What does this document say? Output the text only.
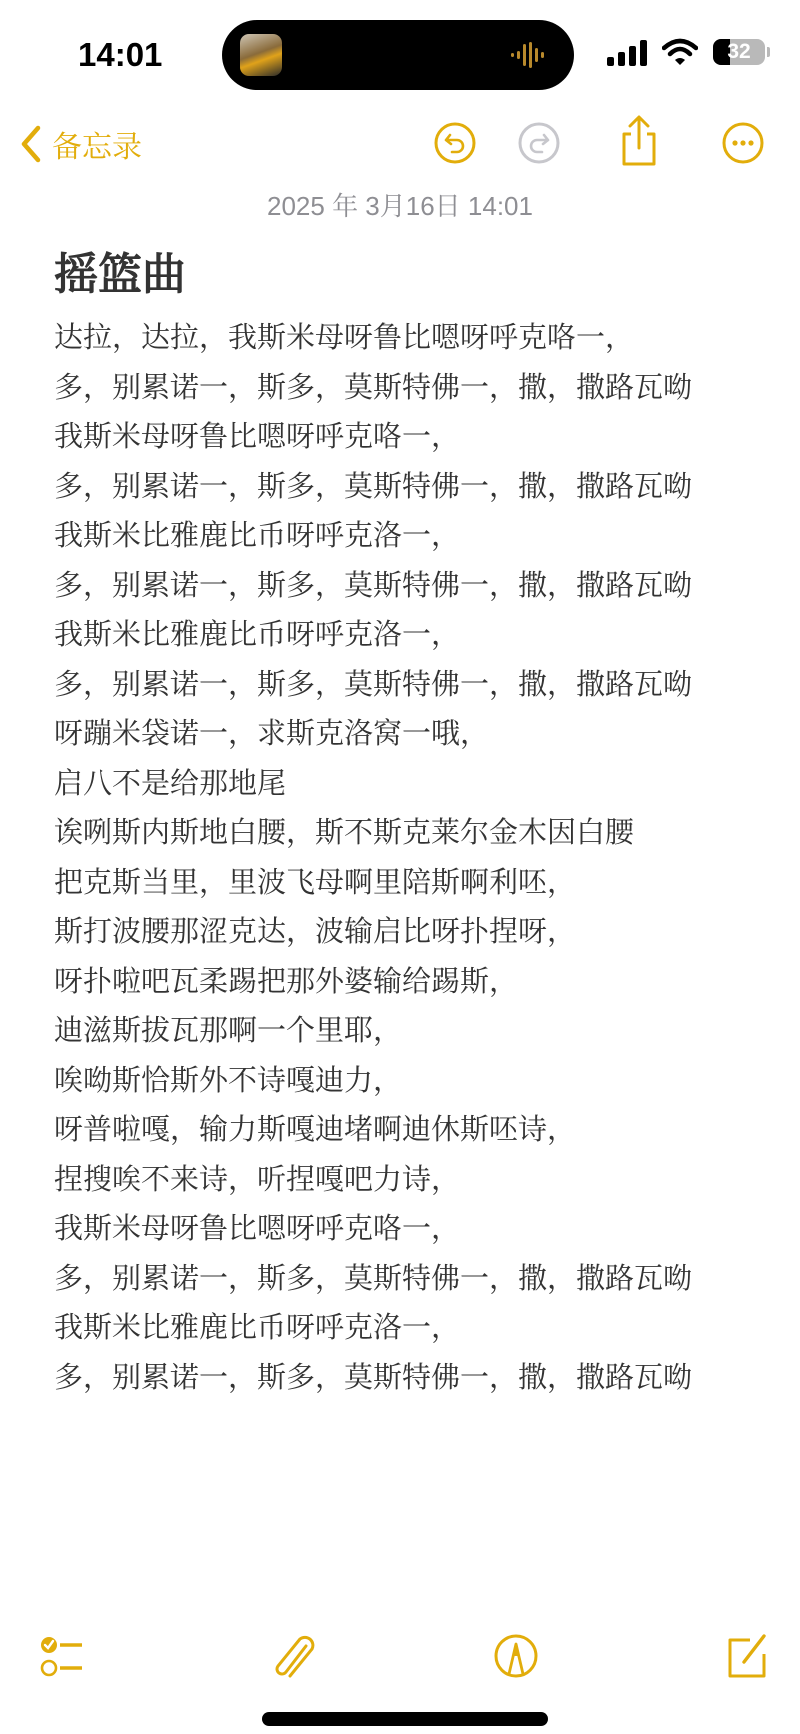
14:01	32
备忘录
2025 年 3月16日 14:01
摇篮曲
达拉，达拉，我斯米母呀鲁比嗯呀呼克咯一，
多，别累诺一，斯多，莫斯特佛一，撒，撒路瓦呦
我斯米母呀鲁比嗯呀呼克咯一，
多，别累诺一，斯多，莫斯特佛一，撒，撒路瓦呦
我斯米比雅鹿比币呀呼克洛一，
多，别累诺一，斯多，莫斯特佛一，撒，撒路瓦呦
我斯米比雅鹿比币呀呼克洛一，
多，别累诺一，斯多，莫斯特佛一，撒，撒路瓦呦
呀蹦米袋诺一，求斯克洛窝一哦，
启八不是给那地尾
诶咧斯内斯地白腰，斯不斯克莱尔金木因白腰
把克斯当里，里波飞母啊里陪斯啊利呸，
斯打波腰那涩克达，波输启比呀扑捏呀，
呀扑啦吧瓦柔踢把那外婆输给踢斯，
迪滋斯拔瓦那啊一个里耶，
唉呦斯恰斯外不诗嘎迪力，
呀普啦嘎，输力斯嘎迪堵啊迪休斯呸诗，
捏搜唉不来诗，听捏嘎吧力诗，
我斯米母呀鲁比嗯呀呼克咯一，
多，别累诺一，斯多，莫斯特佛一，撒，撒路瓦呦
我斯米比雅鹿比币呀呼克洛一，
多，别累诺一，斯多，莫斯特佛一，撒，撒路瓦呦
